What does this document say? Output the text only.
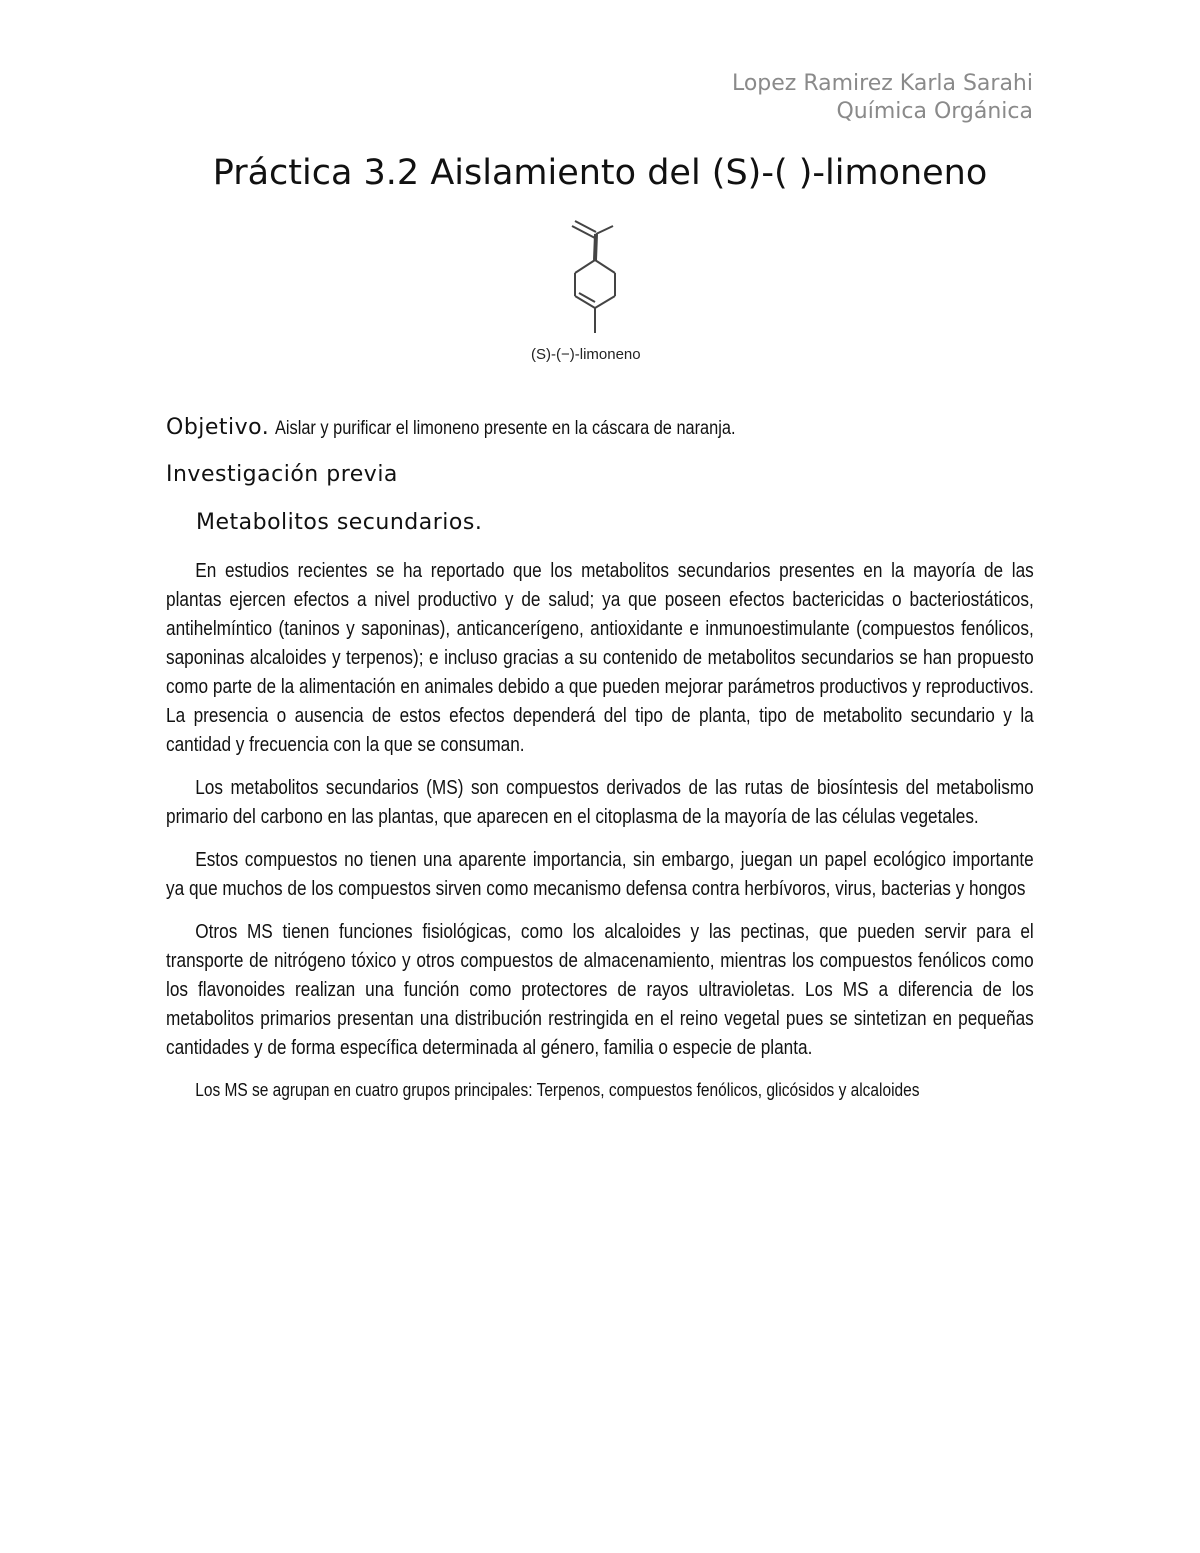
Lopez Ramirez Karla Sarahi
Química Orgánica
Práctica 3.2 Aislamiento del (S)-( )-limoneno
(S)-(−)-limoneno
Objetivo. Aislar y purificar el limoneno presente en la cáscara de naranja.
Investigación previa
Metabolitos secundarios.

En estudios recientes se ha reportado que los metabolitos secundarios presentes en la mayoría de las plantas ejercen efectos a nivel productivo y de salud; ya que poseen efectos bactericidas o bacteriostáticos, antihelmíntico (taninos y saponinas), anticancerígeno, antioxidante e inmunoestimulante (compuestos fenólicos, saponinas alcaloides y terpenos); e incluso gracias a su contenido de metabolitos secundarios se han propuesto como parte de la alimentación en animales debido a que pueden mejorar parámetros productivos y reproductivos. La presencia o ausencia de estos efectos dependerá del tipo de planta, tipo de metabolito secundario y la cantidad y frecuencia con la que se consuman.

Los metabolitos secundarios (MS) son compuestos derivados de las rutas de biosíntesis del metabolismo primario del carbono en las plantas, que aparecen en el citoplasma de la mayoría de las células vegetales.

Estos compuestos no tienen una aparente importancia, sin embargo, juegan un papel ecológico importante ya que muchos de los compuestos sirven como mecanismo defensa contra herbívoros, virus, bacterias y hongos

Otros MS tienen funciones fisiológicas, como los alcaloides y las pectinas, que pueden servir para el transporte de nitrógeno tóxico y otros compuestos de almacenamiento, mientras los compuestos fenólicos como los flavonoides realizan una función como protectores de rayos ultravioletas. Los MS a diferencia de los metabolitos primarios presentan una distribución restringida en el reino vegetal pues se sintetizan en pequeñas cantidades y de forma específica determinada al género, familia o especie de planta.

Los MS se agrupan en cuatro grupos principales: Terpenos, compuestos fenólicos, glicósidos y alcaloides
